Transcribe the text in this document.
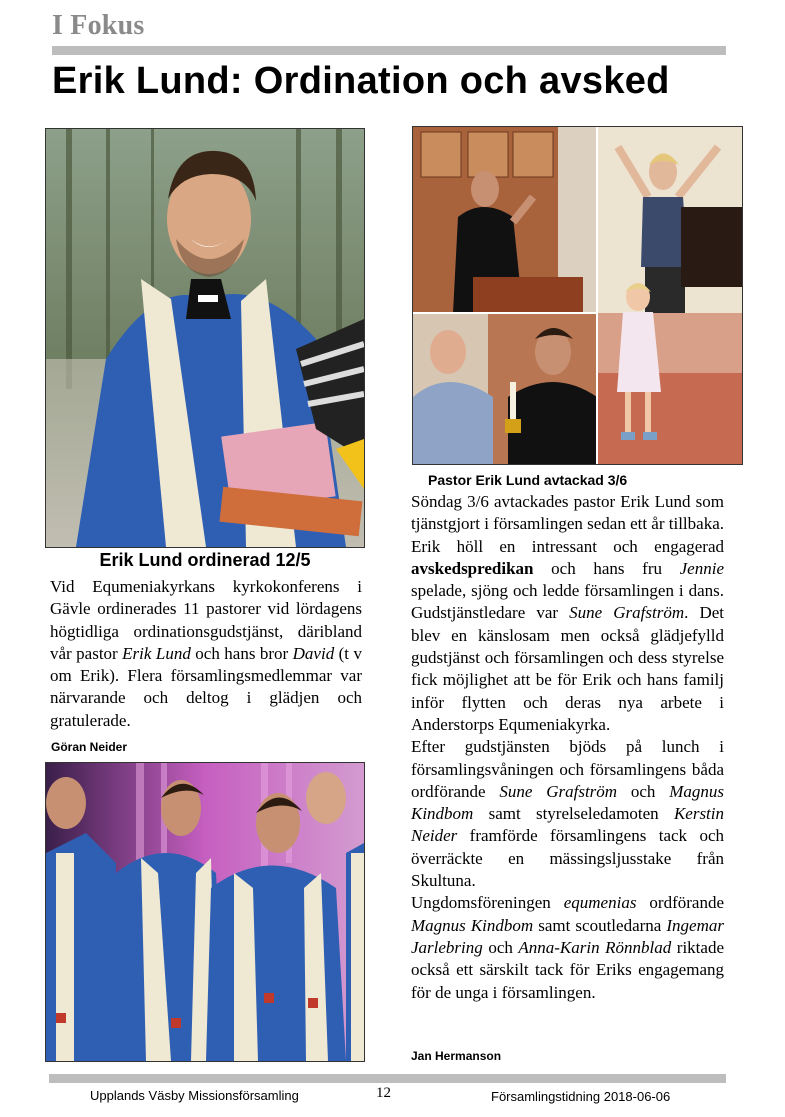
I Fokus
Erik Lund: Ordination och avsked
Erik Lund ordinerad 12/5

Vid Equmeniakyrkans kyrkokonferens i Gävle ordinerades 11 pastorer vid lördagens högtidliga ordinationsgudstjänst, däribland vår pastor Erik Lund och hans bror David (t v om Erik). Flera församlingsmedlemmar var närvarande och deltog i glädjen och gratulerade.

Göran Neider
Pastor Erik Lund avtackad 3/6

Söndag 3/6 avtackades pastor Erik Lund som tjänstgjort i församlingen sedan ett år tillbaka. Erik höll en intressant och engagerad avskedspredikan och hans fru Jennie spelade, sjöng och ledde församlingen i dans. Gudstjänstledare var Sune Grafström. Det blev en känslosam men också glädjefylld gudstjänst och församlingen och dess styrelse fick möjlighet att be för Erik och hans familj inför flytten och deras nya arbete i Anderstorps Equmeniakyrka.

Efter gudstjänsten bjöds på lunch i församlingsvåningen och församlingens båda ordförande Sune Grafström och Magnus Kindbom samt styrelseledamoten Kerstin Neider framförde församlingens tack och överräckte en mässingsljusstake från Skultuna.

Ungdomsföreningen equmenias ordförande Magnus Kindbom samt scoutledarna Ingemar Jarlebring och Anna-Karin Rönnblad riktade också ett särskilt tack för Eriks engagemang för de unga i församlingen.

Jan Hermanson
Upplands Väsby Missionsförsamling	12	Församlingstidning 2018-06-06
